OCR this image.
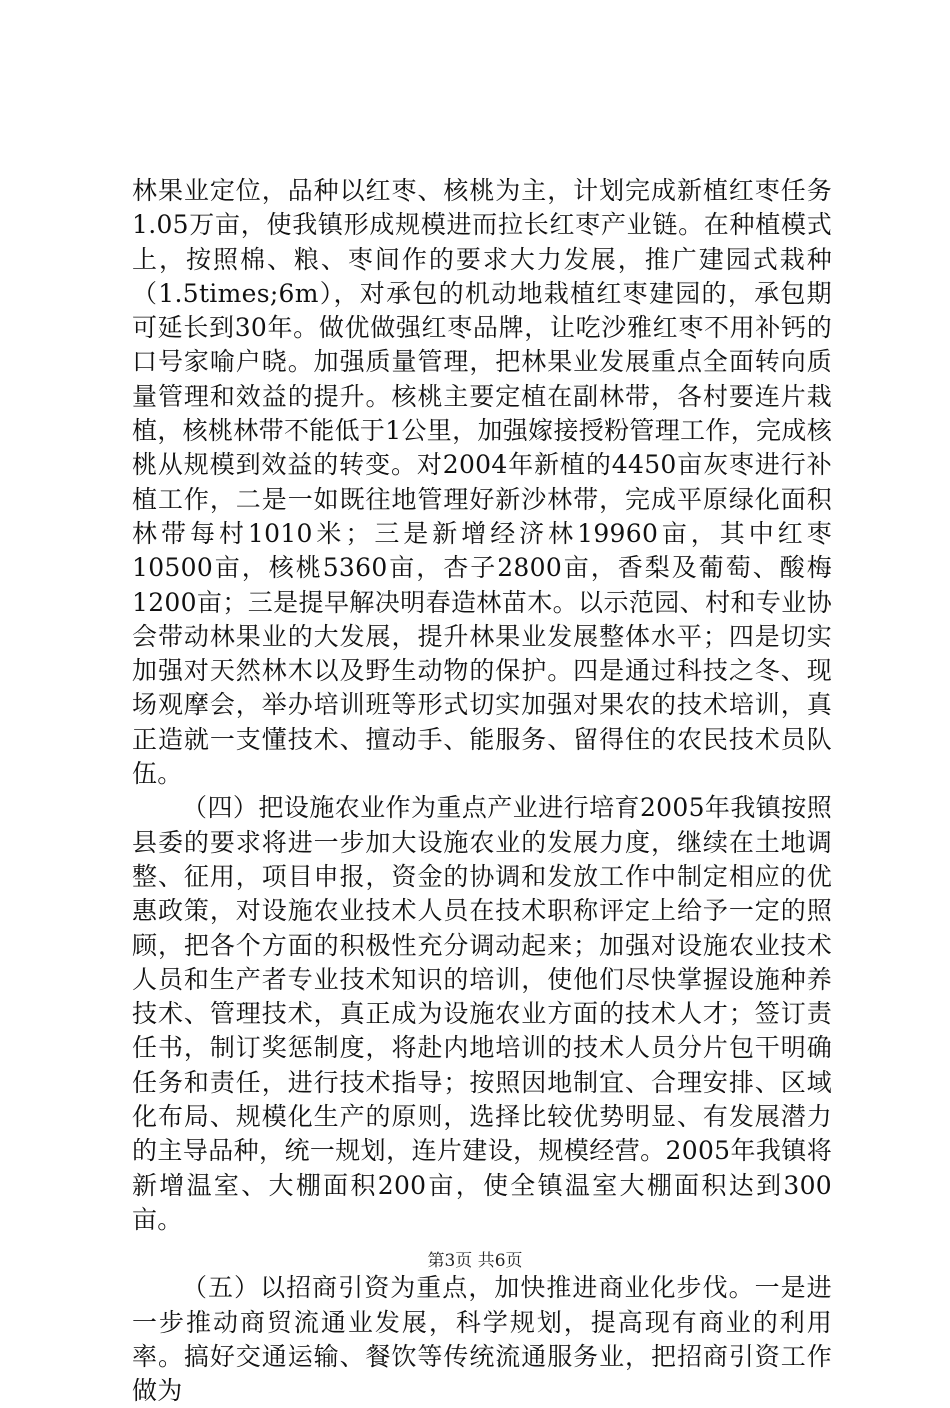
林果业定位，品种以红枣、核桃为主，计划完成新植红枣任务1.05万亩，使我镇形成规模进而拉长红枣产业链。在种植模式上，按照棉、粮、枣间作的要求大力发展，推广建园式栽种（1.5times;6m），对承包的机动地栽植红枣建园的，承包期可延长到30年。做优做强红枣品牌，让吃沙雅红枣不用补钙的口号家喻户晓。加强质量管理，把林果业发展重点全面转向质量管理和效益的提升。核桃主要定植在副林带，各村要连片栽植，核桃林带不能低于1公里，加强嫁接授粉管理工作，完成核桃从规模到效益的转变。对2004年新植的4450亩灰枣进行补植工作，二是一如既往地管理好新沙林带，完成平原绿化面积林带每村1010米；三是新增经济林19960亩，其中红枣10500亩，核桃5360亩，杏子2800亩，香梨及葡萄、酸梅1200亩；三是提早解决明春造林苗木。以示范园、村和专业协会带动林果业的大发展，提升林果业发展整体水平；四是切实加强对天然林木以及野生动物的保护。四是通过科技之冬、现场观摩会，举办培训班等形式切实加强对果农的技术培训，真正造就一支懂技术、擅动手、能服务、留得住的农民技术员队伍。

（四）把设施农业作为重点产业进行培育2005年我镇按照县委的要求将进一步加大设施农业的发展力度，继续在土地调整、征用，项目申报，资金的协调和发放工作中制定相应的优惠政策，对设施农业技术人员在技术职称评定上给予一定的照顾，把各个方面的积极性充分调动起来；加强对设施农业技术人员和生产者专业技术知识的培训，使他们尽快掌握设施种养技术、管理技术，真正成为设施农业方面的技术人才；签订责任书，制订奖惩制度，将赴内地培训的技术人员分片包干明确任务和责任，进行技术指导；按照因地制宜、合理安排、区域化布局、规模化生产的原则，选择比较优势明显、有发展潜力的主导品种，统一规划，连片建设，规模经营。2005年我镇将新增温室、大棚面积200亩，使全镇温室大棚面积达到300亩。

（五）以招商引资为重点，加快推进商业化步伐。一是进一步推动商贸流通业发展，科学规划，提高现有商业的利用率。搞好交通运输、餐饮等传统流通服务业，把招商引资工作做为

第3页 共6页
